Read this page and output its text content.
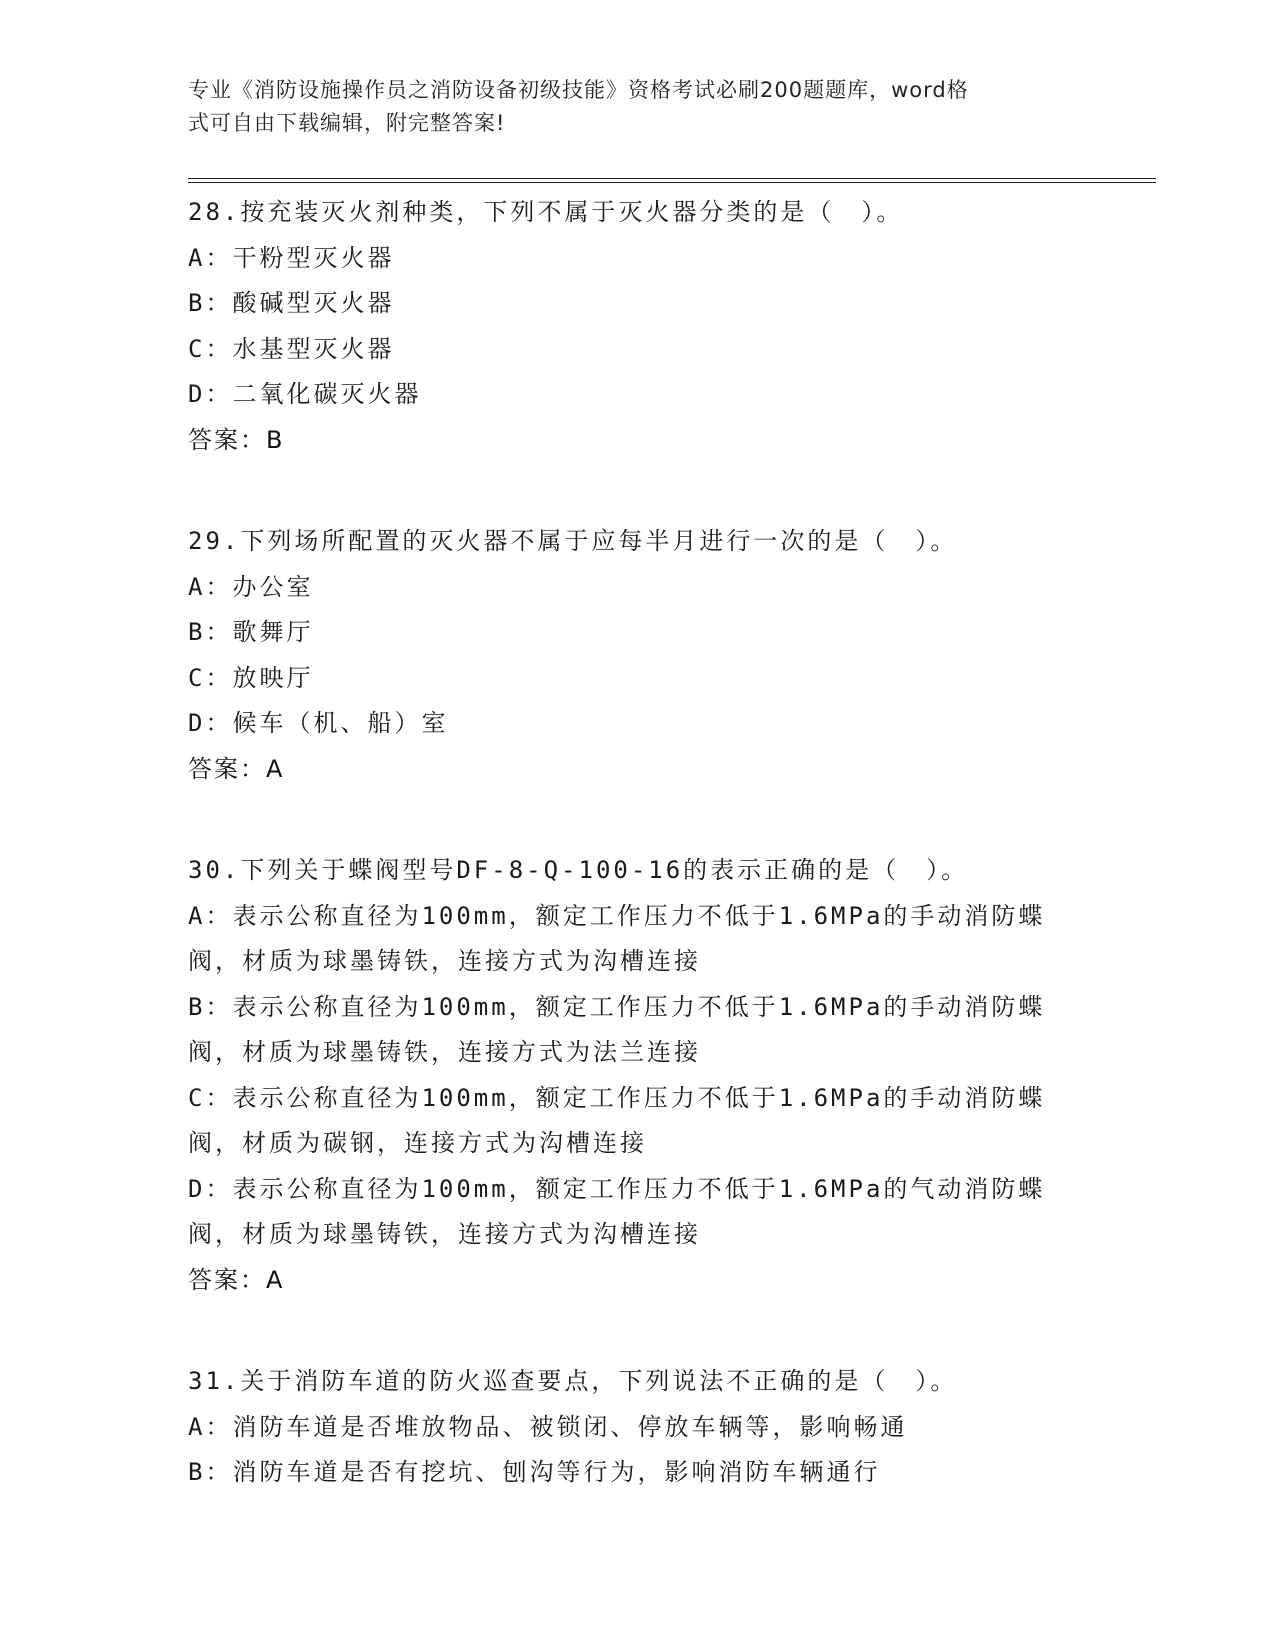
专业《消防设施操作员之消防设备初级技能》资格考试必刷200题题库，word格
式可自由下载编辑，附完整答案!
28.按充装灭火剂种类，下列不属于灭火器分类的是（　）。
A：干粉型灭火器
B：酸碱型灭火器
C：水基型灭火器
D：二氧化碳灭火器
答案：B
29.下列场所配置的灭火器不属于应每半月进行一次的是（　）。
A：办公室
B：歌舞厅
C：放映厅
D：候车（机、船）室
答案：A
30.下列关于蝶阀型号DF-8-Q-100-16的表示正确的是（　）。
A：表示公称直径为100mm，额定工作压力不低于1.6MPa的手动消防蝶
阀，材质为球墨铸铁，连接方式为沟槽连接
B：表示公称直径为100mm，额定工作压力不低于1.6MPa的手动消防蝶
阀，材质为球墨铸铁，连接方式为法兰连接
C：表示公称直径为100mm，额定工作压力不低于1.6MPa的手动消防蝶
阀，材质为碳钢，连接方式为沟槽连接
D：表示公称直径为100mm，额定工作压力不低于1.6MPa的气动消防蝶
阀，材质为球墨铸铁，连接方式为沟槽连接
答案：A
31.关于消防车道的防火巡查要点，下列说法不正确的是（　）。
A：消防车道是否堆放物品、被锁闭、停放车辆等，影响畅通
B：消防车道是否有挖坑、刨沟等行为，影响消防车辆通行
